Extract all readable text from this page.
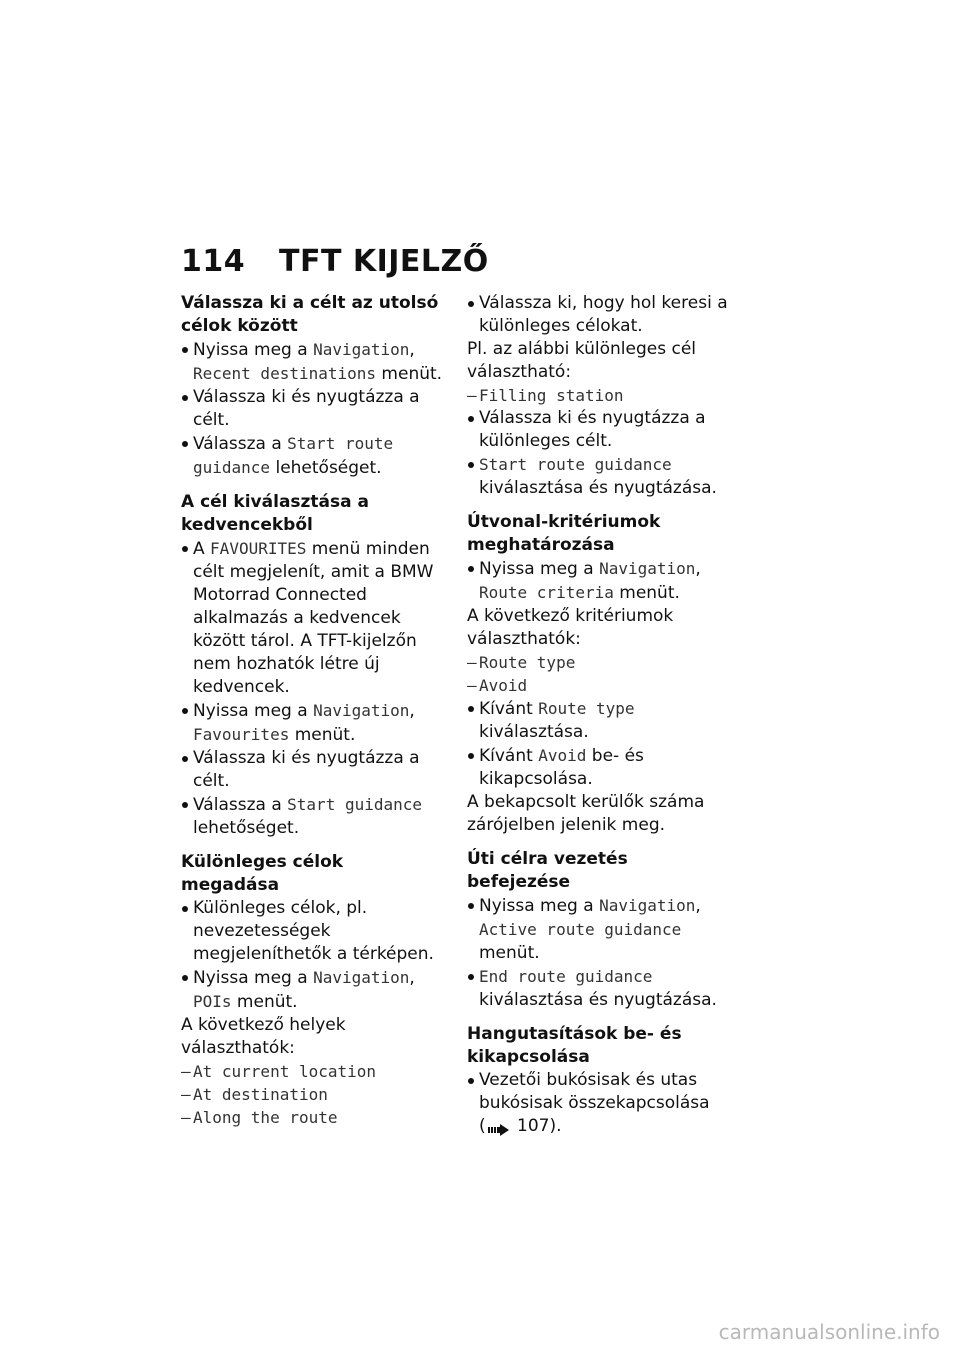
114 TFT KIJELZŐ
Válassza ki a célt az utolsó célok között
Nyissa meg a Navigation, Recent destinations menüt.
Válassza ki és nyugtázza a célt.
Válassza a Start route guidance lehetőséget.
A cél kiválasztása a kedvencekből
A FAVOURITES menü minden célt megjelenít, amit a BMW Motorrad Connected alkalmazás a kedvencek között tárol. A TFT-kijelzőn nem hozhatók létre új kedvencek.
Nyissa meg a Navigation, Favourites menüt.
Válassza ki és nyugtázza a célt.
Válassza a Start guidance lehetőséget.
Különleges célok megadása
Különleges célok, pl. nevezetességek megjeleníthetők a térképen.
Nyissa meg a Navigation, POIs menüt.

A következő helyek választhatók:

– At current location
– At destination
– Along the route
Válassza ki, hogy hol keresi a különleges célokat.

Pl. az alábbi különleges cél választható:

– Filling station
Válassza ki és nyugtázza a különleges célt.
Start route guidance kiválasztása és nyugtázása.
Útvonal-kritériumok meghatározása
Nyissa meg a Navigation, Route criteria menüt.

A következő kritériumok választhatók:

– Route type
– Avoid
Kívánt Route type kiválasztása.
Kívánt Avoid be- és kikapcsolása.

A bekapcsolt kerülők száma zárójelben jelenik meg.

Úti célra vezetés befejezése
Nyissa meg a Navigation, Active route guidance menüt.
End route guidance kiválasztása és nyugtázása.
Hangutasítások be- és kikapcsolása
Vezetői bukósisak és utas bukósisak összekapcsolása
( 107).
carmanualsonline.info
